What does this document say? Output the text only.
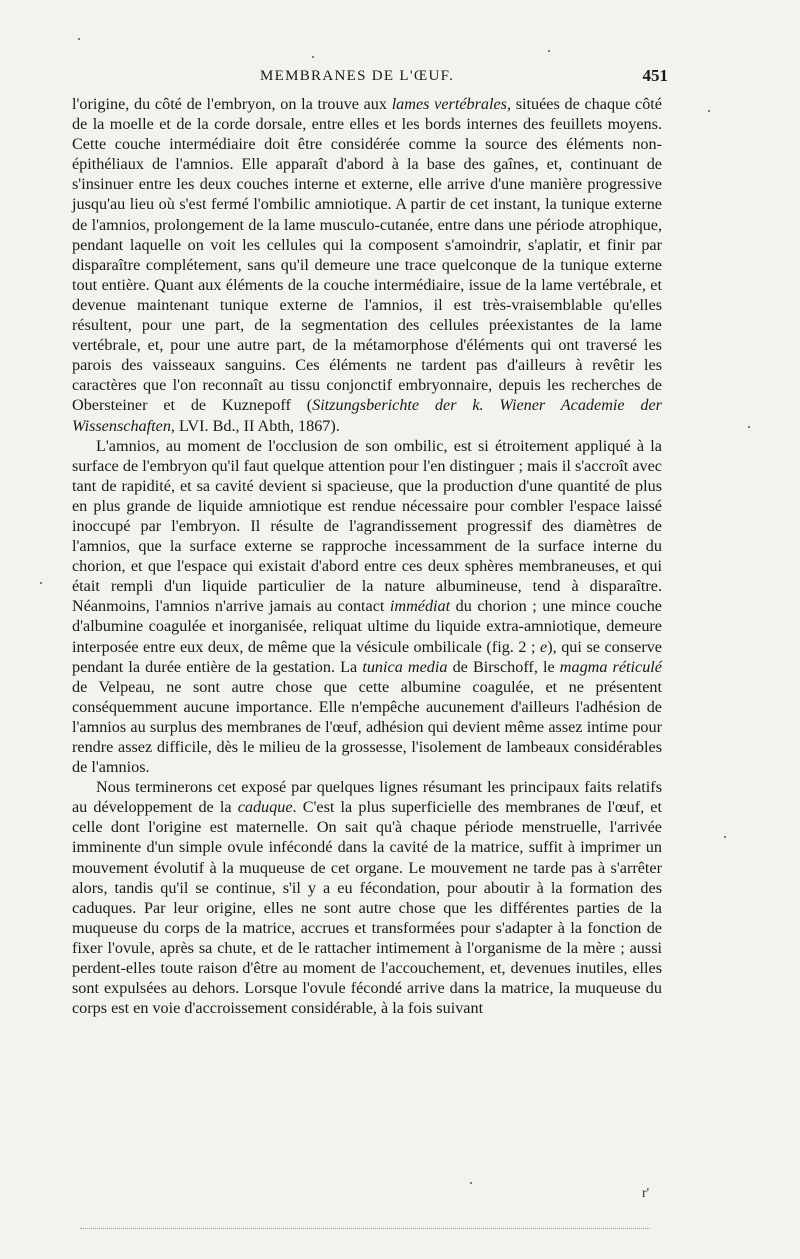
MEMBRANES DE L'ŒUF.	451

l'origine, du côté de l'embryon, on la trouve aux lames vertébrales, situées de chaque côté de la moelle et de la corde dorsale, entre elles et les bords internes des feuillets moyens. Cette couche intermédiaire doit être considérée comme la source des éléments non-épithéliaux de l'amnios. Elle apparaît d'abord à la base des gaînes, et, continuant de s'insinuer entre les deux couches interne et externe, elle arrive d'une manière progressive jusqu'au lieu où s'est fermé l'ombilic amniotique. A partir de cet instant, la tunique externe de l'amnios, prolongement de la lame musculo-cutanée, entre dans une période atrophique, pendant laquelle on voit les cellules qui la composent s'amoindrir, s'aplatir, et finir par disparaître complétement, sans qu'il demeure une trace quelconque de la tunique externe tout entière. Quant aux éléments de la couche intermédiaire, issue de la lame vertébrale, et devenue maintenant tunique externe de l'amnios, il est très-vraisemblable qu'elles résultent, pour une part, de la segmentation des cellules préexistantes de la lame vertébrale, et, pour une autre part, de la métamorphose d'éléments qui ont traversé les parois des vaisseaux sanguins. Ces éléments ne tardent pas d'ailleurs à revêtir les caractères que l'on reconnaît au tissu conjonctif embryonnaire, depuis les recherches de Obersteiner et de Kuznероff (Sitzungsberichte der k. Wiener Academie der Wissenschaften, LVI. Bd., II Abth, 1867).

L'amnios, au moment de l'occlusion de son ombilic, est si étroitement appliqué à la surface de l'embryon qu'il faut quelque attention pour l'en distinguer ; mais il s'accroît avec tant de rapidité, et sa cavité devient si spacieuse, que la production d'une quantité de plus en plus grande de liquide amniotique est rendue nécessaire pour combler l'espace laissé inoccupé par l'embryon. Il résulte de l'agrandissement progressif des diamètres de l'amnios, que la surface externe se rapproche incessamment de la surface interne du chorion, et que l'espace qui existait d'abord entre ces deux sphères membraneuses, et qui était rempli d'un liquide particulier de la nature albumineuse, tend à disparaître. Néanmoins, l'amnios n'arrive jamais au contact immédiat du chorion ; une mince couche d'albumine coagulée et inorganisée, reliquat ultime du liquide extra-amniotique, demeure interposée entre eux deux, de même que la vésicule ombilicale (fig. 2 ; e), qui se conserve pendant la durée entière de la gestation. La tunica media de Birschoff, le magma réticulé de Velpeau, ne sont autre chose que cette albumine coagulée, et ne présentent conséquemment aucune importance. Elle n'empêche aucunement d'ailleurs l'adhésion de l'amnios au surplus des membranes de l'œuf, adhésion qui devient même assez intime pour rendre assez difficile, dès le milieu de la grossesse, l'isolement de lambeaux considérables de l'amnios.

Nous terminerons cet exposé par quelques lignes résumant les principaux faits relatifs au développement de la caduque. C'est la plus superficielle des membranes de l'œuf, et celle dont l'origine est maternelle. On sait qu'à chaque période menstruelle, l'arrivée imminente d'un simple ovule infécondé dans la cavité de la matrice, suffit à imprimer un mouvement évolutif à la muqueuse de cet organe. Le mouvement ne tarde pas à s'arrêter alors, tandis qu'il se continue, s'il y a eu fécondation, pour aboutir à la formation des caduques. Par leur origine, elles ne sont autre chose que les différentes parties de la muqueuse du corps de la matrice, accrues et transformées pour s'adapter à la fonction de fixer l'ovule, après sa chute, et de le rattacher intimement à l'organisme de la mère ; aussi perdent-elles toute raison d'être au moment de l'accouchement, et, devenues inutiles, elles sont expulsées au dehors. Lorsque l'ovule fécondé arrive dans la matrice, la muqueuse du corps est en voie d'accroissement considérable, à la fois suivant

r'
